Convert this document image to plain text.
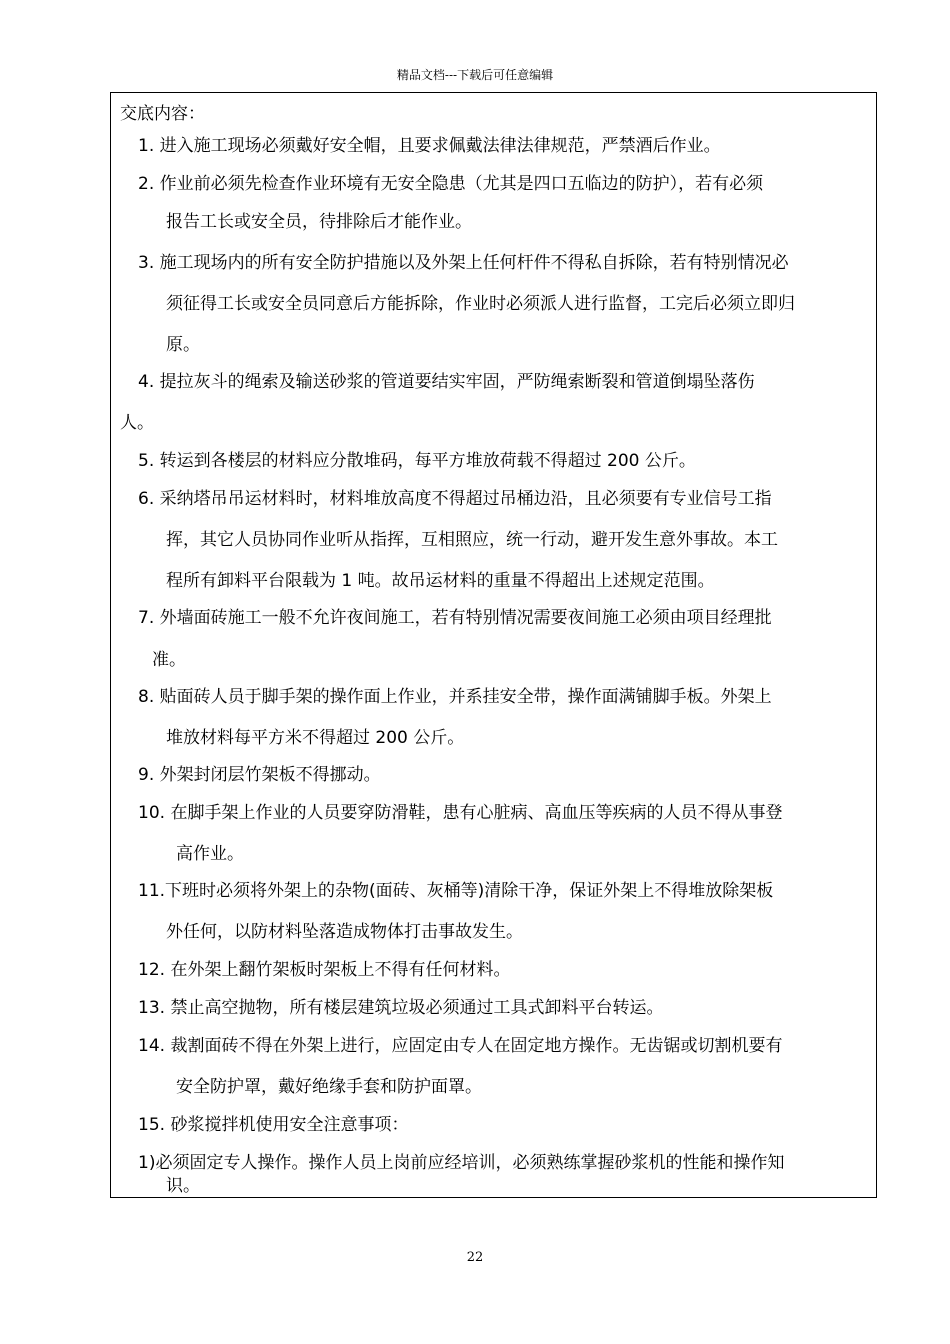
精品文档---下载后可任意编辑
交底内容：
1. 进入施工现场必须戴好安全帽，且要求佩戴法律法律规范，严禁酒后作业。
2. 作业前必须先检查作业环境有无安全隐患（尤其是四口五临边的防护），若有必须
报告工长或安全员，待排除后才能作业。
3. 施工现场内的所有安全防护措施以及外架上任何杆件不得私自拆除，若有特别情况必
须征得工长或安全员同意后方能拆除，作业时必须派人进行监督，工完后必须立即归
原。
4. 提拉灰斗的绳索及输送砂浆的管道要结实牢固，严防绳索断裂和管道倒塌坠落伤
人。
5. 转运到各楼层的材料应分散堆码，每平方堆放荷载不得超过 200 公斤。
6. 采纳塔吊吊运材料时，材料堆放高度不得超过吊桶边沿，且必须要有专业信号工指
挥，其它人员协同作业听从指挥，互相照应，统一行动，避开发生意外事故。本工
程所有卸料平台限载为 1 吨。故吊运材料的重量不得超出上述规定范围。
7. 外墙面砖施工一般不允许夜间施工，若有特别情况需要夜间施工必须由项目经理批
准。
8. 贴面砖人员于脚手架的操作面上作业，并系挂安全带，操作面满铺脚手板。外架上
堆放材料每平方米不得超过 200 公斤。
9. 外架封闭层竹架板不得挪动。
10. 在脚手架上作业的人员要穿防滑鞋，患有心脏病、高血压等疾病的人员不得从事登
高作业。
11.下班时必须将外架上的杂物(面砖、灰桶等)清除干净，保证外架上不得堆放除架板
外任何，以防材料坠落造成物体打击事故发生。
12. 在外架上翻竹架板时架板上不得有任何材料。
13. 禁止高空抛物，所有楼层建筑垃圾必须通过工具式卸料平台转运。
14. 裁割面砖不得在外架上进行，应固定由专人在固定地方操作。无齿锯或切割机要有
安全防护罩，戴好绝缘手套和防护面罩。
15. 砂浆搅拌机使用安全注意事项：
1)必须固定专人操作。操作人员上岗前应经培训，必须熟练掌握砂浆机的性能和操作知
识。
22
